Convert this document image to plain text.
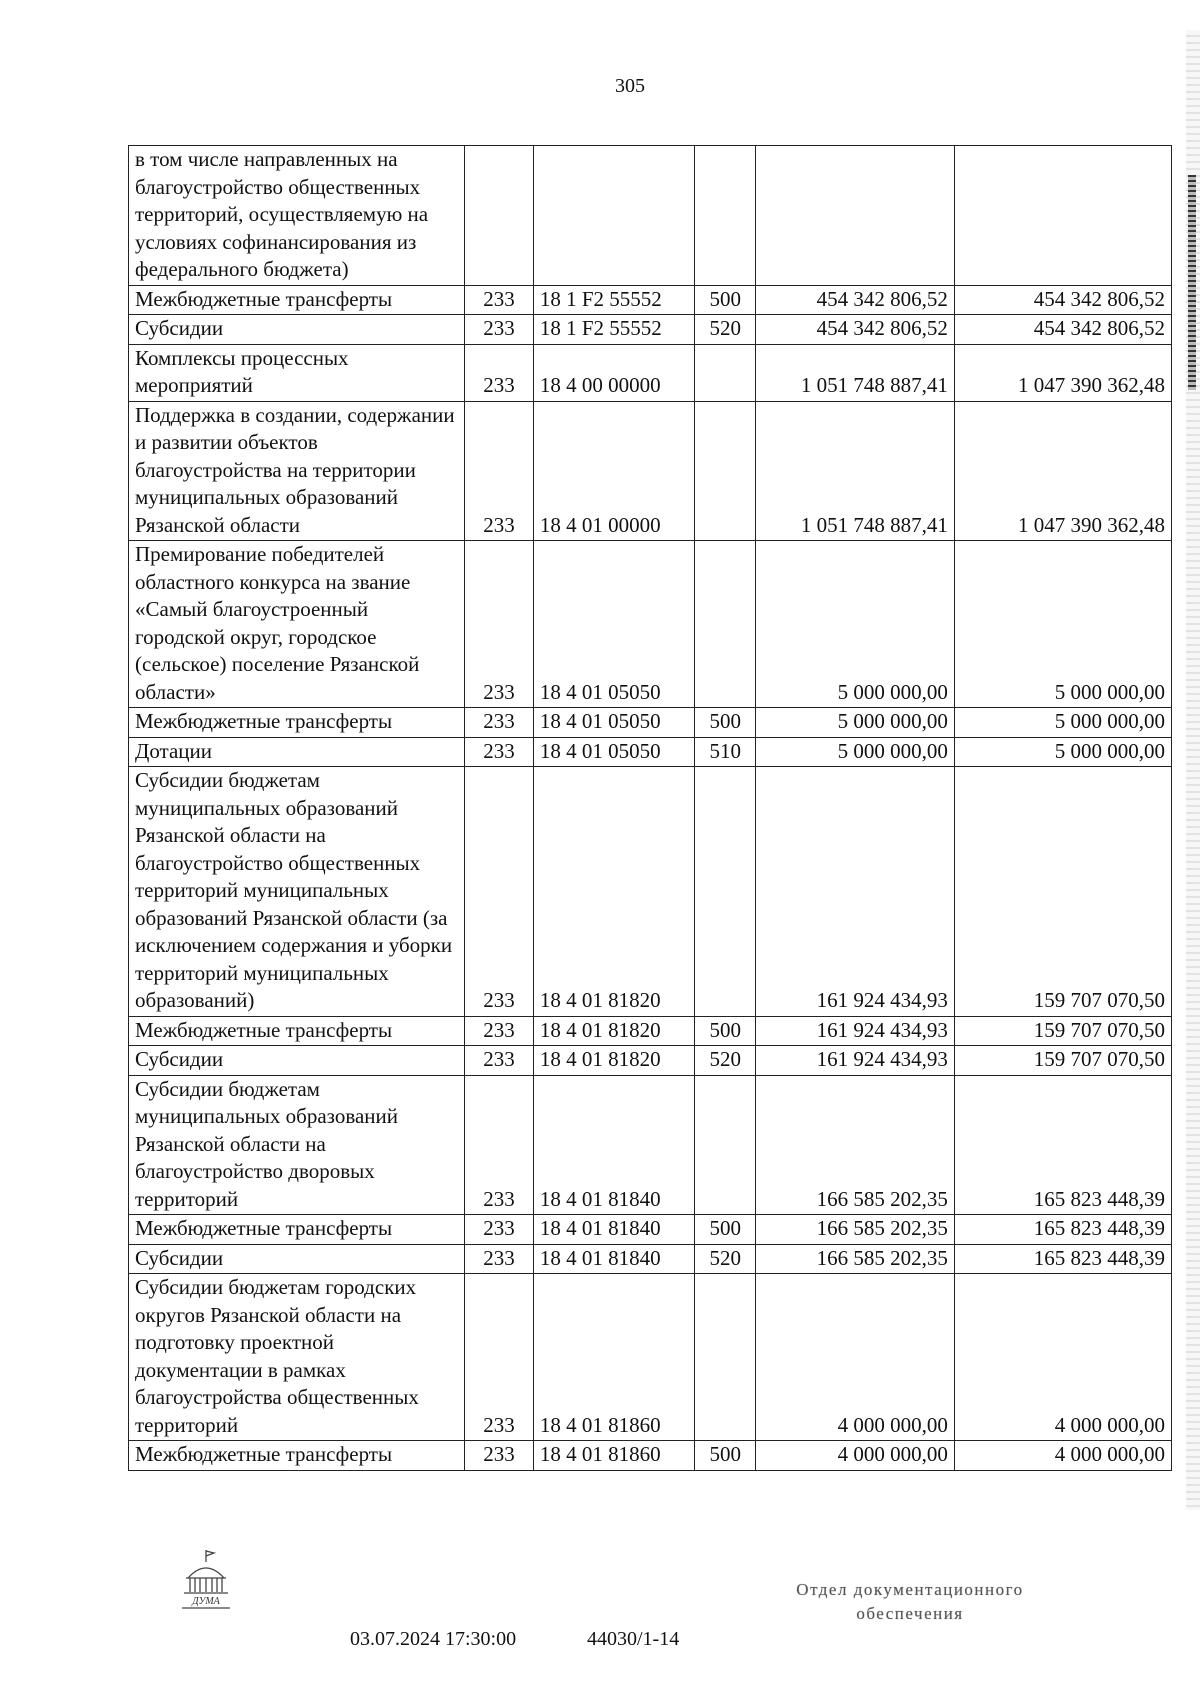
305
в том числе направленных на благоустройство общественных территорий, осуществляемую на условиях софинансирования из федерального бюджета)					
Межбюджетные трансферты	233	18 1 F2 55552	500	454 342 806,52	454 342 806,52
Субсидии	233	18 1 F2 55552	520	454 342 806,52	454 342 806,52
Комплексы процессных мероприятий	233	18 4 00 00000		1 051 748 887,41	1 047 390 362,48
Поддержка в создании, содержании и развитии объектов благоустройства на территории муниципальных образований Рязанской области	233	18 4 01 00000		1 051 748 887,41	1 047 390 362,48
Премирование победителей областного конкурса на звание «Самый благоустроенный городской округ, городское (сельское) поселение Рязанской области»	233	18 4 01 05050		5 000 000,00	5 000 000,00
Межбюджетные трансферты	233	18 4 01 05050	500	5 000 000,00	5 000 000,00
Дотации	233	18 4 01 05050	510	5 000 000,00	5 000 000,00
Субсидии бюджетам муниципальных образований Рязанской области на благоустройство общественных территорий муниципальных образований Рязанской области (за исключением содержания и уборки территорий муниципальных образований)	233	18 4 01 81820		161 924 434,93	159 707 070,50
Межбюджетные трансферты	233	18 4 01 81820	500	161 924 434,93	159 707 070,50
Субсидии	233	18 4 01 81820	520	161 924 434,93	159 707 070,50
Субсидии бюджетам муниципальных образований Рязанской области на благоустройство дворовых территорий	233	18 4 01 81840		166 585 202,35	165 823 448,39
Межбюджетные трансферты	233	18 4 01 81840	500	166 585 202,35	165 823 448,39
Субсидии	233	18 4 01 81840	520	166 585 202,35	165 823 448,39
Субсидии бюджетам городских округов Рязанской области на подготовку проектной документации в рамках благоустройства общественных территорий	233	18 4 01 81860		4 000 000,00	4 000 000,00
Межбюджетные трансферты	233	18 4 01 81860	500	4 000 000,00	4 000 000,00
ДУМА
03.07.2024 17:30:00	44030/1-14
Отдел документационного
обеспечения
